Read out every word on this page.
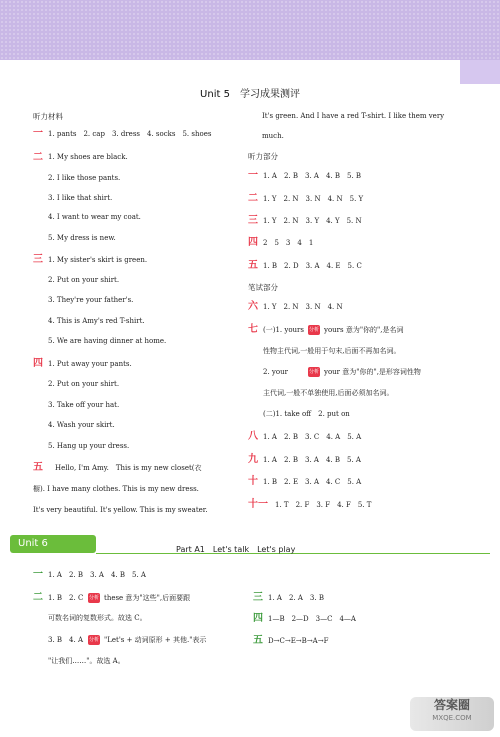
Unit 5　学习成果测评
听力材料
一 1. pants　2. cap　3. dress　4. socks　5. shoes
二 1. My shoes are black.
2. I like those pants.
3. I like that shirt.
4. I want to wear my coat.
5. My dress is new.
三 1. My sister's skirt is green.
2. Put on your shirt.
3. They're your father's.
4. This is Amy's red T-shirt.
5. We are having dinner at home.
四 1. Put away your pants.
2. Put on your shirt.
3. Take off your hat.
4. Wash your skirt.
5. Hang up your dress.
五 　Hello, I'm Amy.　This is my new closet(衣
橱). I have many clothes. This is my new dress.
It's very beautiful. It's yellow. This is my sweater.
It's green. And I have a red T-shirt. I like them very
much.
听力部分
一 1. A　2. B　3. A　4. B　5. B
二 1. Y　2. N　3. N　4. N　5. Y
三 1. Y　2. N　3. Y　4. Y　5. N
四 2　5　3　4　1
五 1. B　2. D　3. A　4. E　5. C
笔试部分
六 1. Y　2. N　3. N　4. N
七 (一)1. yours 分析 yours 意为"你的",是名词
性物主代词,一般用于句末,后面不再加名词。
2. your	分析 your 意为"你的",是形容词性物
主代词,一般不单独使用,后面必须加名词。
(二)1. take off　2. put on
八 1. A　2. B　3. C　4. A　5. A
九 1. A　2. B　3. A　4. B　5. A
十 1. B　2. E　3. A　4. C　5. A
十一 1. T　2. F　3. F　4. F　5. T
Unit 6
Part A1　Let's talk　Let's play
一 1. A　2. B　3. A　4. B　5. A
二 1. B　2. C 分析 these 意为"这些",后面要跟
可数名词的复数形式。故选 C。
3. B　4. A 分析 "Let's + 动词原形 + 其他."表示
"让我们……"。故选 A。
三 1. A　2. A　3. B
四 1—B　2—D　3—C　4—A
五 D→C→E→B→A→F
答案圈
MXQE.COM
